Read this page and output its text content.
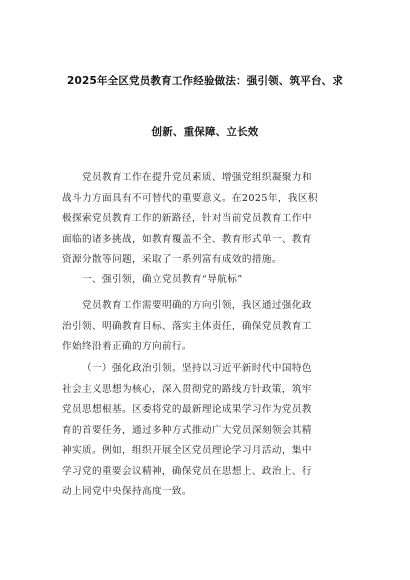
2025年全区党员教育工作经验做法：强引领、筑平台、求
创新、重保障、立长效
党员教育工作在提升党员素质、增强党组织凝聚力和
战斗力方面具有不可替代的重要意义。在2025年，我区积
极探索党员教育工作的新路径，针对当前党员教育工作中
面临的诸多挑战，如教育覆盖不全、教育形式单一、教育
资源分散等问题，采取了一系列富有成效的措施。
一、强引领，确立党员教育“导航标”
党员教育工作需要明确的方向引领，我区通过强化政
治引领、明确教育目标、落实主体责任，确保党员教育工
作始终沿着正确的方向前行。
（一）强化政治引领。坚持以习近平新时代中国特色
社会主义思想为核心，深入贯彻党的路线方针政策，筑牢
党员思想根基。区委将党的最新理论成果学习作为党员教
育的首要任务，通过多种方式推动广大党员深刻领会其精
神实质。例如，组织开展全区党员理论学习月活动，集中
学习党的重要会议精神，确保党员在思想上、政治上、行
动上同党中央保持高度一致。
